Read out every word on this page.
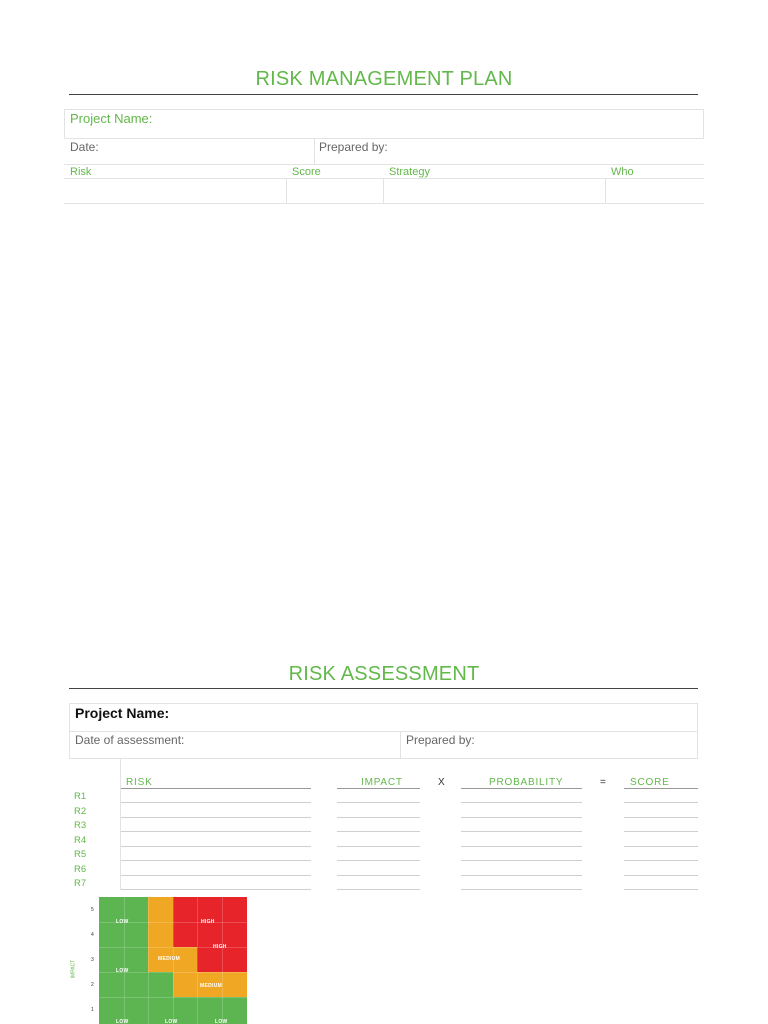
RISK MANAGEMENT PLAN
Project Name:
Date:	Prepared by:
Risk	Score	Strategy	Who
RISK ASSESSMENT
Project Name:
Date of assessment:	Prepared by:
RISK	IMPACT	X	PROBABILITY	= SCORE
R1
R2
R3
R4
R5
R6
R7
IMPACT
5
4
3
2
1
LOW	HIGH
HIGH
MEDIUM
LOW
MEDIUM
LOW	LOW	LOW
